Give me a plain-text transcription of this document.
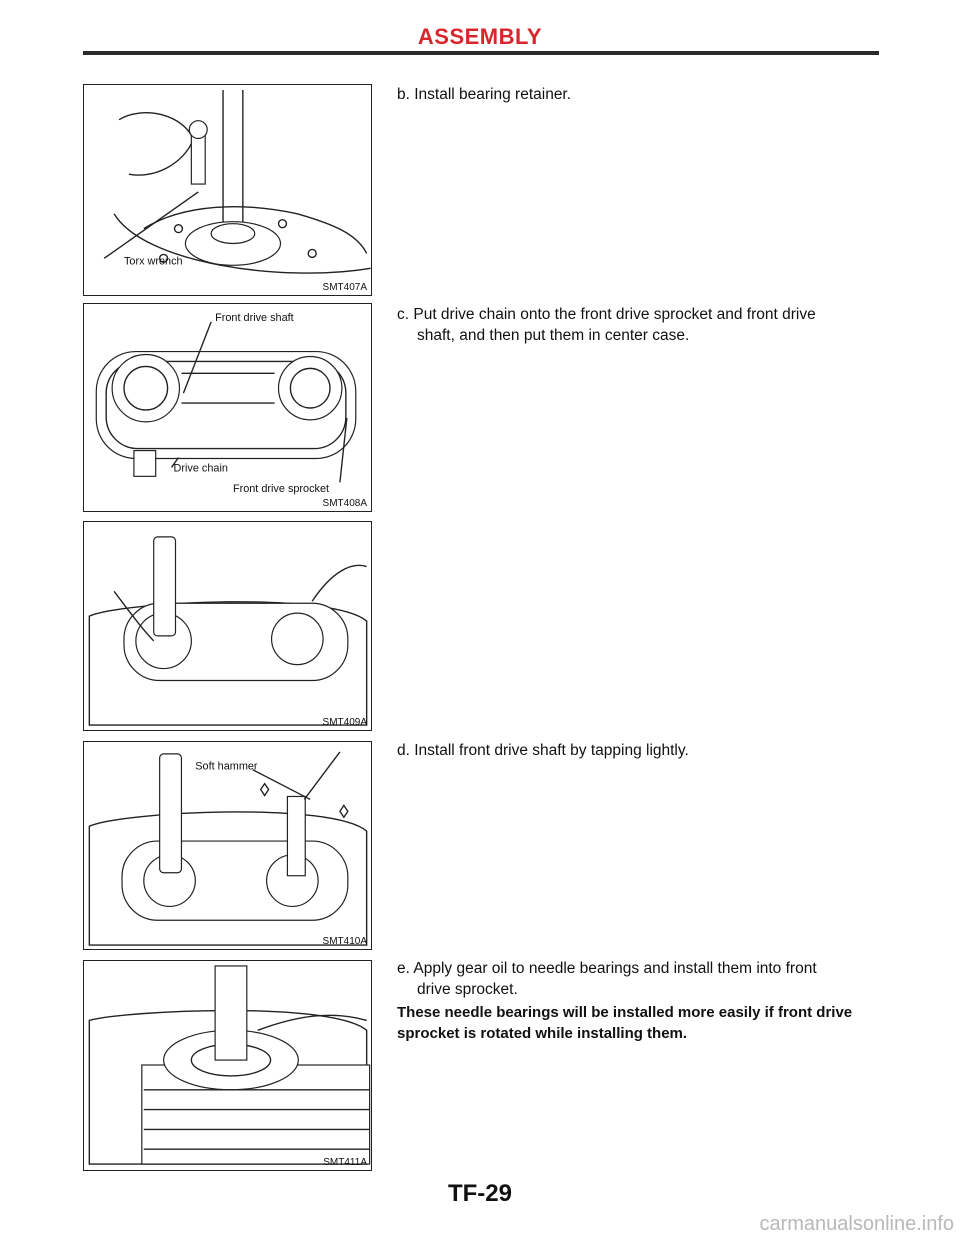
ASSEMBLY
Torx wrench
SMT407A
Front drive shaft
Drive chain
Front drive sprocket
SMT408A
SMT409A
Soft hammer
SMT410A
SMT411A
b. Install bearing retainer.
c. Put drive chain onto the front drive sprocket and front drive
shaft, and then put them in center case.
d. Install front drive shaft by tapping lightly.
e. Apply gear oil to needle bearings and install them into front
drive sprocket.
These needle bearings will be installed more easily if front drive sprocket is rotated while installing them.
TF-29
carmanualsonline.info
